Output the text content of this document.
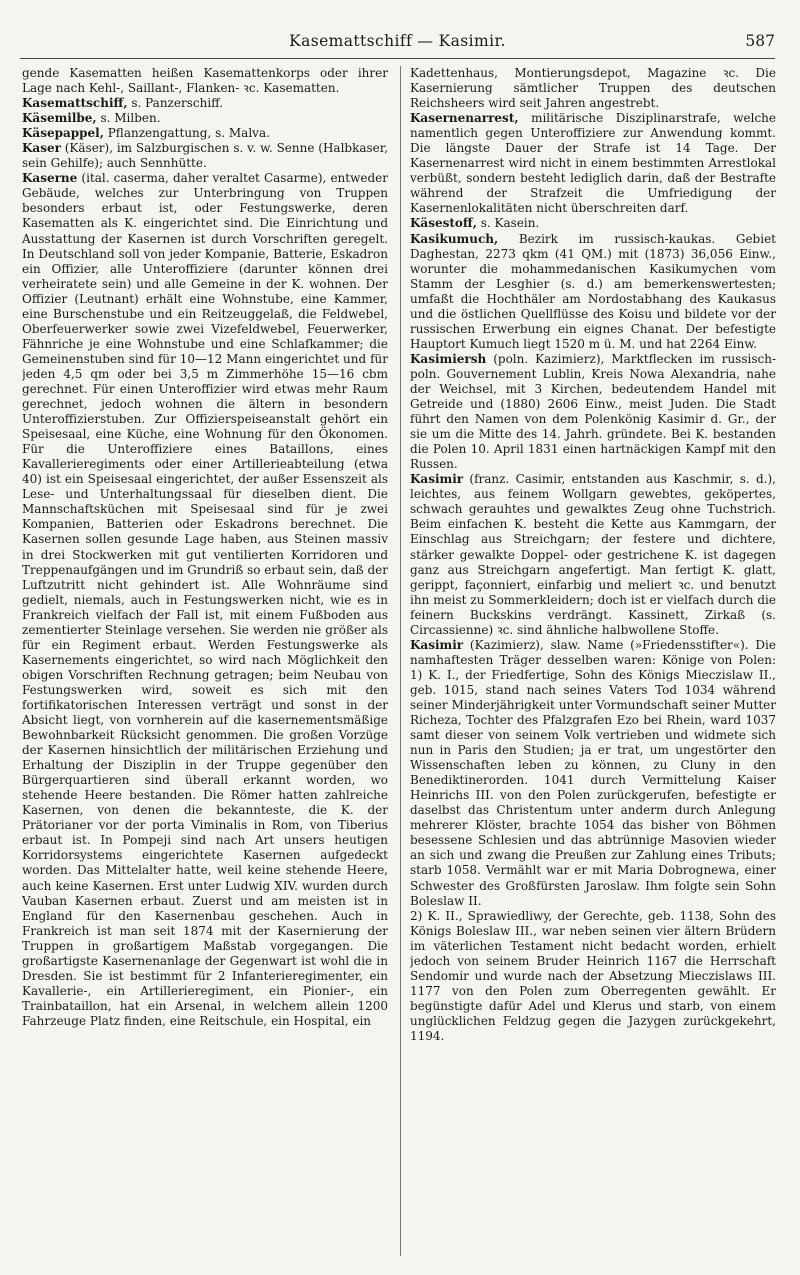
Kasemattschiff — Kasimir.	587

gende Kasematten heißen Kasemattenkorps oder ihrer Lage nach Kehl-, Saillant-, Flanken- ꝛc. Kasematten.

Kasemattschiff, s. Panzerschiff.

Käsemilbe, s. Milben.

Käsepappel, Pflanzengattung, s. Malva.

Kaser (Käser), im Salzburgischen s. v. w. Senne (Halbkaser, sein Gehilfe); auch Sennhütte.

Kaserne (ital. caserma, daher veraltet Casarme), entweder Gebäude, welches zur Unterbringung von Truppen besonders erbaut ist, oder Festungswerke, deren Kasematten als K. eingerichtet sind. Die Einrichtung und Ausstattung der Kasernen ist durch Vorschriften geregelt. In Deutschland soll von jeder Kompanie, Batterie, Eskadron ein Offizier, alle Unteroffiziere (darunter können drei verheiratete sein) und alle Gemeine in der K. wohnen. Der Offizier (Leutnant) erhält eine Wohnstube, eine Kammer, eine Burschenstube und ein Reitzeuggelaß, die Feldwebel, Oberfeuerwerker sowie zwei Vizefeldwebel, Feuerwerker, Fähnriche je eine Wohnstube und eine Schlafkammer; die Gemeinenstuben sind für 10—12 Mann eingerichtet und für jeden 4,5 qm oder bei 3,5 m Zimmerhöhe 15—16 cbm gerechnet. Für einen Unteroffizier wird etwas mehr Raum gerechnet, jedoch wohnen die ältern in besondern Unteroffizierstuben. Zur Offizierspeiseanstalt gehört ein Speisesaal, eine Küche, eine Wohnung für den Ökonomen. Für die Unteroffiziere eines Bataillons, eines Kavallerieregiments oder einer Artillerieabteilung (etwa 40) ist ein Speisesaal eingerichtet, der außer Essenszeit als Lese- und Unterhaltungssaal für dieselben dient. Die Mannschaftsküchen mit Speisesaal sind für je zwei Kompanien, Batterien oder Eskadrons berechnet. Die Kasernen sollen gesunde Lage haben, aus Steinen massiv in drei Stockwerken mit gut ventilierten Korridoren und Treppenaufgängen und im Grundriß so erbaut sein, daß der Luftzutritt nicht gehindert ist. Alle Wohnräume sind gedielt, niemals, auch in Festungswerken nicht, wie es in Frankreich vielfach der Fall ist, mit einem Fußboden aus zementierter Steinlage versehen. Sie werden nie größer als für ein Regiment erbaut. Werden Festungswerke als Kasernements eingerichtet, so wird nach Möglichkeit den obigen Vorschriften Rechnung getragen; beim Neubau von Festungswerken wird, soweit es sich mit den fortifikatorischen Interessen verträgt und sonst in der Absicht liegt, von vornherein auf die kasernementsmäßige Bewohnbarkeit Rücksicht genommen. Die großen Vorzüge der Kasernen hinsichtlich der militärischen Erziehung und Erhaltung der Disziplin in der Truppe gegenüber den Bürgerquartieren sind überall erkannt worden, wo stehende Heere bestanden. Die Römer hatten zahlreiche Kasernen, von denen die bekannteste, die K. der Prätorianer vor der porta Viminalis in Rom, von Tiberius erbaut ist. In Pompeji sind nach Art unsers heutigen Korridorsystems eingerichtete Kasernen aufgedeckt worden. Das Mittelalter hatte, weil keine stehende Heere, auch keine Kasernen. Erst unter Ludwig XIV. wurden durch Vauban Kasernen erbaut. Zuerst und am meisten ist in England für den Kasernenbau geschehen. Auch in Frankreich ist man seit 1874 mit der Kasernierung der Truppen in großartigem Maßstab vorgegangen. Die großartigste Kasernenanlage der Gegenwart ist wohl die in Dresden. Sie ist bestimmt für 2 Infanterieregimenter, ein Kavallerie-, ein Artillerieregiment, ein Pionier-, ein Trainbataillon, hat ein Arsenal, in welchem allein 1200 Fahrzeuge Platz finden, eine Reitschule, ein Hospital, ein

Kadettenhaus, Montierungsdepot, Magazine ꝛc. Die Kasernierung sämtlicher Truppen des deutschen Reichsheers wird seit Jahren angestrebt.

Kasernenarrest, militärische Disziplinarstrafe, welche namentlich gegen Unteroffiziere zur Anwendung kommt. Die längste Dauer der Strafe ist 14 Tage. Der Kasernenarrest wird nicht in einem bestimmten Arrestlokal verbüßt, sondern besteht lediglich darin, daß der Bestrafte während der Strafzeit die Umfriedigung der Kasernenlokalitäten nicht überschreiten darf.

Käsestoff, s. Kasein.

Kasikumuch, Bezirk im russisch-kaukas. Gebiet Daghestan, 2273 qkm (41 QM.) mit (1873) 36,056 Einw., worunter die mohammedanischen Kasikumychen vom Stamm der Lesghier (s. d.) am bemerkenswertesten; umfaßt die Hochthäler am Nordostabhang des Kaukasus und die östlichen Quellflüsse des Koisu und bildete vor der russischen Erwerbung ein eignes Chanat. Der befestigte Hauptort Kumuch liegt 1520 m ü. M. und hat 2264 Einw.

Kasimiersh (poln. Kazimierz), Marktflecken im russisch-poln. Gouvernement Lublin, Kreis Nowa Alexandria, nahe der Weichsel, mit 3 Kirchen, bedeutendem Handel mit Getreide und (1880) 2606 Einw., meist Juden. Die Stadt führt den Namen von dem Polenkönig Kasimir d. Gr., der sie um die Mitte des 14. Jahrh. gründete. Bei K. bestanden die Polen 10. April 1831 einen hartnäckigen Kampf mit den Russen.

Kasimir (franz. Casimir, entstanden aus Kaschmir, s. d.), leichtes, aus feinem Wollgarn gewebtes, geköpertes, schwach gerauhtes und gewalktes Zeug ohne Tuchstrich. Beim einfachen K. besteht die Kette aus Kammgarn, der Einschlag aus Streichgarn; der festere und dichtere, stärker gewalkte Doppel- oder gestrichene K. ist dagegen ganz aus Streichgarn angefertigt. Man fertigt K. glatt, gerippt, façonniert, einfarbig und meliert ꝛc. und benutzt ihn meist zu Sommerkleidern; doch ist er vielfach durch die feinern Buckskins verdrängt. Kassinett, Zirkaß (s. Circassienne) ꝛc. sind ähnliche halbwollene Stoffe.

Kasimir (Kazimierz), slaw. Name (»Friedensstifter«). Die namhaftesten Träger desselben waren: Könige von Polen: 1) K. I., der Friedfertige, Sohn des Königs Mieczislaw II., geb. 1015, stand nach seines Vaters Tod 1034 während seiner Minderjährigkeit unter Vormundschaft seiner Mutter Richeza, Tochter des Pfalzgrafen Ezo bei Rhein, ward 1037 samt dieser von seinem Volk vertrieben und widmete sich nun in Paris den Studien; ja er trat, um ungestörter den Wissenschaften leben zu können, zu Cluny in den Benediktinerorden. 1041 durch Vermittelung Kaiser Heinrichs III. von den Polen zurückgerufen, befestigte er daselbst das Christentum unter anderm durch Anlegung mehrerer Klöster, brachte 1054 das bisher von Böhmen besessene Schlesien und das abtrünnige Masovien wieder an sich und zwang die Preußen zur Zahlung eines Tributs; starb 1058. Vermählt war er mit Maria Dobrognewa, einer Schwester des Großfürsten Jaroslaw. Ihm folgte sein Sohn Boleslaw II.

2) K. II., Sprawiedliwy, der Gerechte, geb. 1138, Sohn des Königs Boleslaw III., war neben seinen vier ältern Brüdern im väterlichen Testament nicht bedacht worden, erhielt jedoch von seinem Bruder Heinrich 1167 die Herrschaft Sendomir und wurde nach der Absetzung Mieczislaws III. 1177 von den Polen zum Oberregenten gewählt. Er begünstigte dafür Adel und Klerus und starb, von einem unglücklichen Feldzug gegen die Jazygen zurückgekehrt, 1194.
